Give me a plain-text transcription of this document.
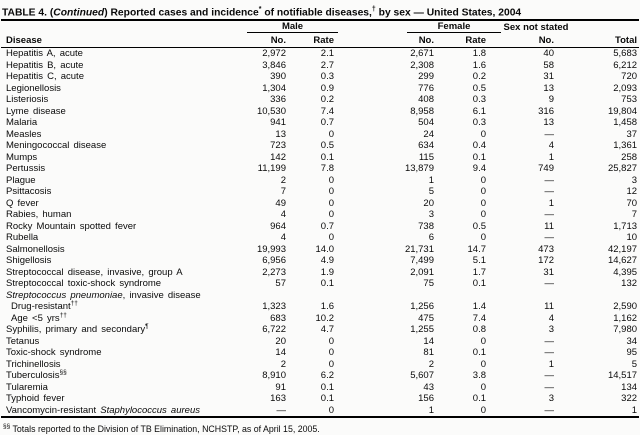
TABLE 4. (Continued) Reported cases and incidence* of notifiable diseases,† by sex — United States, 2004
Male Female Sex not stated						

Disease	No.	Rate	No.	Rate	No.	Total
Hepatitis A, acute	2,972	2.1	2,671	1.8	40	5,683
Hepatitis B, acute	3,846	2.7	2,308	1.6	58	6,212
Hepatitis C, acute	390	0.3	299	0.2	31	720
Legionellosis	1,304	0.9	776	0.5	13	2,093
Listeriosis	336	0.2	408	0.3	9	753
Lyme disease	10,530	7.4	8,958	6.1	316	19,804
Malaria	941	0.7	504	0.3	13	1,458
Measles	13	0	24	0	—	37
Meningococcal disease	723	0.5	634	0.4	4	1,361
Mumps	142	0.1	115	0.1	1	258
Pertussis	11,199	7.8	13,879	9.4	749	25,827
Plague	2	0	1	0	—	3
Psittacosis	7	0	5	0	—	12
Q fever	49	0	20	0	1	70
Rabies, human	4	0	3	0	—	7
Rocky Mountain spotted fever	964	0.7	738	0.5	11	1,713
Rubella	4	0	6	0	—	10
Salmonellosis	19,993	14.0	21,731	14.7	473	42,197
Shigellosis	6,956	4.9	7,499	5.1	172	14,627
Streptococcal disease, invasive, group A	2,273	1.9	2,091	1.7	31	4,395
Streptococcal toxic-shock syndrome	57	0.1	75	0.1	—	132
Streptococcus pneumoniae, invasive disease						
Drug-resistant††	1,323	1.6	1,256	1.4	11	2,590
Age <5 yrs††	683	10.2	475	7.4	4	1,162
Syphilis, primary and secondary¶	6,722	4.7	1,255	0.8	3	7,980
Tetanus	20	0	14	0	—	34
Toxic-shock syndrome	14	0	81	0.1	—	95
Trichinellosis	2	0	2	0	1	5
Tuberculosis§§	8,910	6.2	5,607	3.8	—	14,517
Tularemia	91	0.1	43	0	—	134
Typhoid fever	163	0.1	156	0.1	3	322
Vancomycin-resistant Staphylococcus aureus	—	0	1	0	—	1
§§ Totals reported to the Division of TB Elimination, NCHSTP, as of April 15, 2005.
